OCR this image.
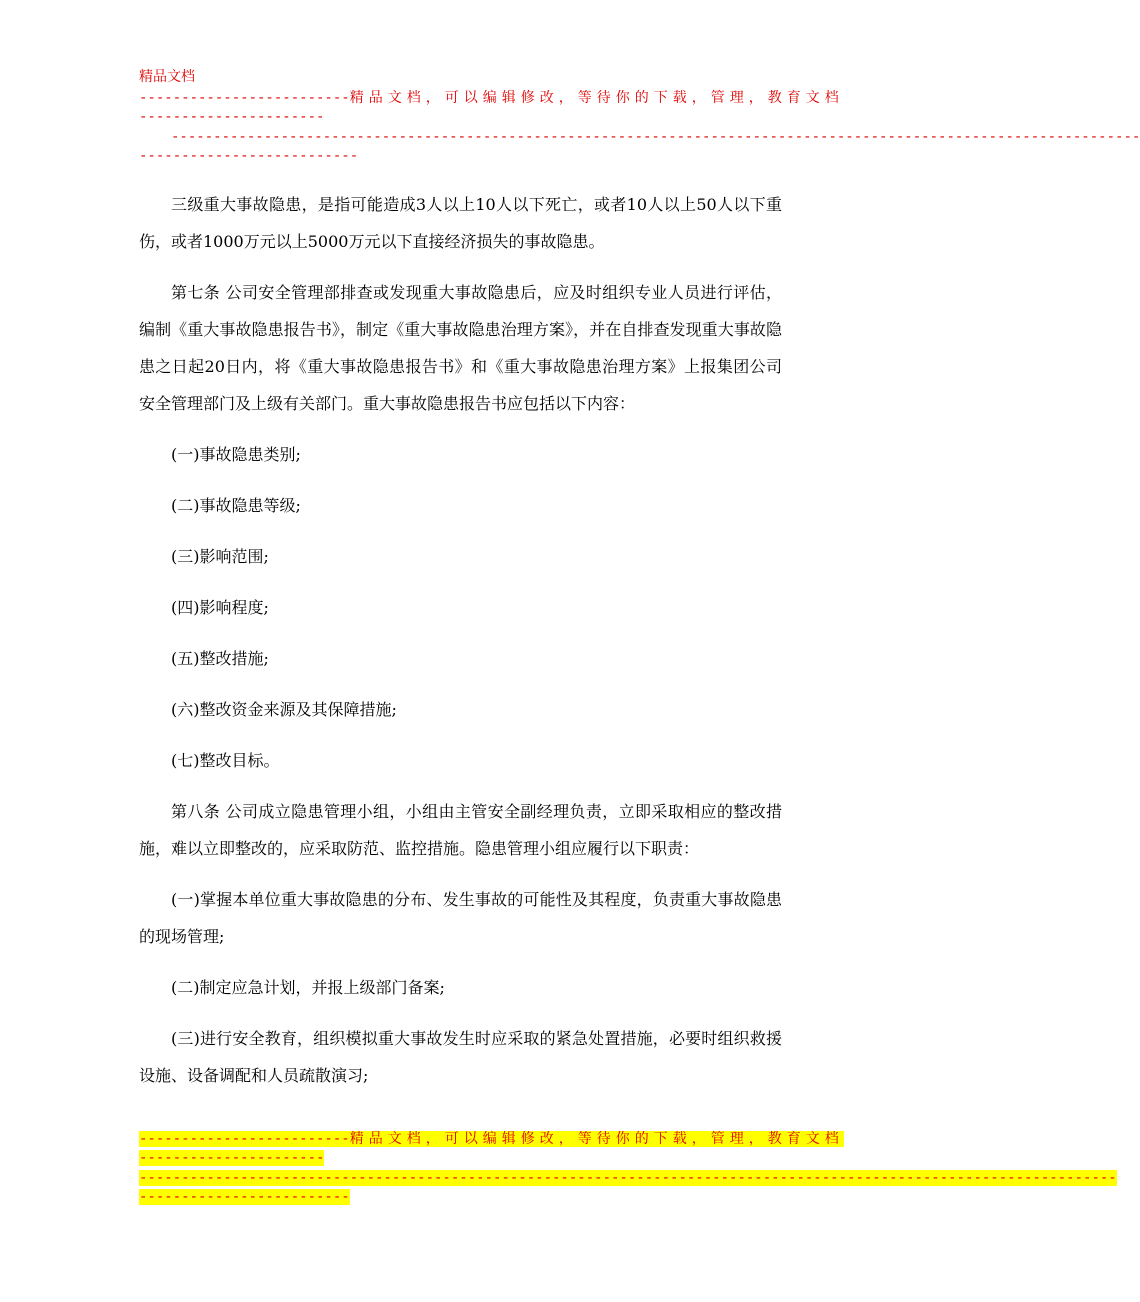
精品文档
-------------------------精品文档，可以编辑修改，等待你的下载，管理，教育文档
----------------------
-------------------------------------------------------------------------------------------------------------------
--------------------------

三级重大事故隐患，是指可能造成3人以上10人以下死亡，或者10人以上50人以下重伤，或者1000万元以上5000万元以下直接经济损失的事故隐患。

第七条 公司安全管理部排查或发现重大事故隐患后，应及时组织专业人员进行评估，编制《重大事故隐患报告书》，制定《重大事故隐患治理方案》，并在自排查发现重大事故隐患之日起20日内，将《重大事故隐患报告书》和《重大事故隐患治理方案》上报集团公司安全管理部门及上级有关部门。重大事故隐患报告书应包括以下内容：

(一)事故隐患类别;

(二)事故隐患等级;

(三)影响范围;

(四)影响程度;

(五)整改措施;

(六)整改资金来源及其保障措施;

(七)整改目标。

第八条 公司成立隐患管理小组，小组由主管安全副经理负责，立即采取相应的整改措施，难以立即整改的，应采取防范、监控措施。隐患管理小组应履行以下职责：

(一)掌握本单位重大事故隐患的分布、发生事故的可能性及其程度，负责重大事故隐患的现场管理;

(二)制定应急计划，并报上级部门备案;

(三)进行安全教育，组织模拟重大事故发生时应采取的紧急处置措施，必要时组织救援设施、设备调配和人员疏散演习;

-------------------------精品文档，可以编辑修改，等待你的下载，管理，教育文档
----------------------
--------------------------------------------------------------------------------------------------------------------
-------------------------
